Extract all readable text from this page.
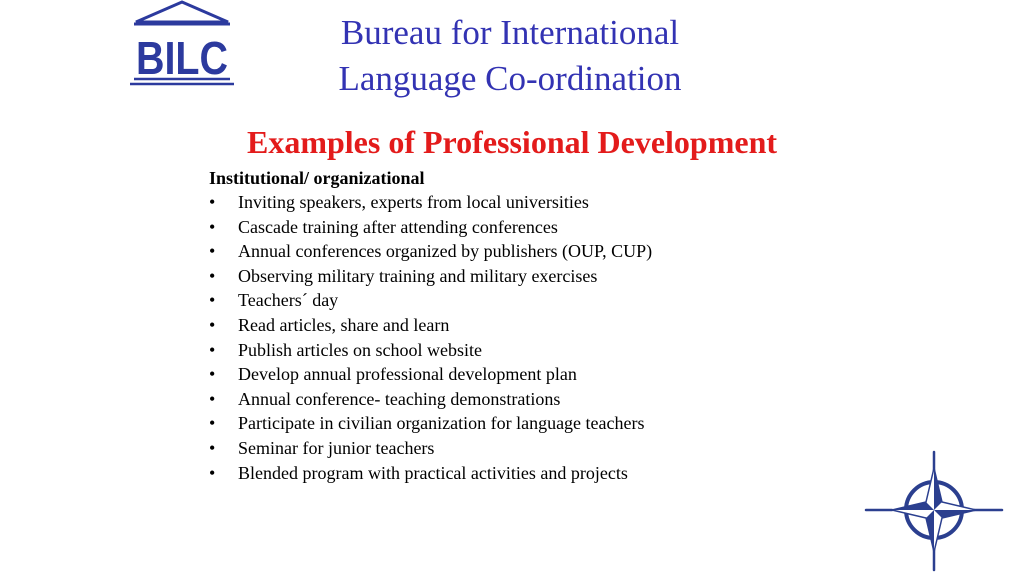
BILC	Bureau for International
Language Co-ordination
Examples of Professional Development
Institutional/ organizational
• Inviting speakers, experts from local universities
• Cascade training after attending conferences
• Annual conferences organized by publishers (OUP, CUP)
• Observing military training and military exercises
• Teachers´ day
• Read articles, share and learn
• Publish articles on school website
• Develop annual professional development plan
• Annual conference- teaching demonstrations
• Participate in civilian organization for language teachers
• Seminar for junior teachers
• Blended program with practical activities and projects
